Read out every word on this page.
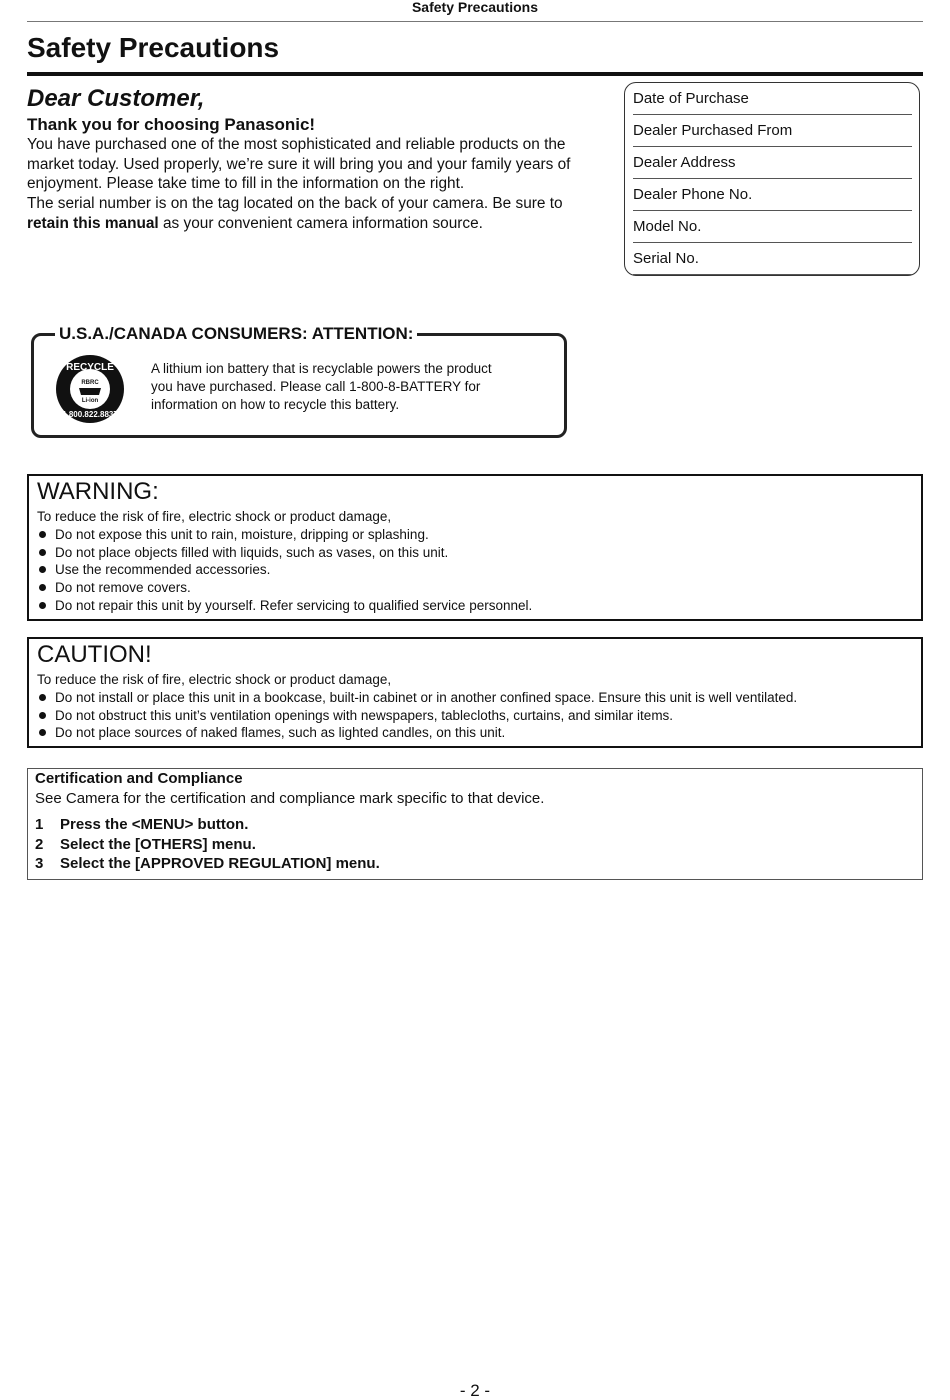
Safety Precautions
Safety Precautions
Dear Customer,
Thank you for choosing Panasonic!

You have purchased one of the most sophisticated and reliable products on the market today. Used properly, we’re sure it will bring you and your family years of enjoyment. Please take time to fill in the information on the right.
The serial number is on the tag located on the back of your camera. Be sure to retain this manual as your convenient camera information source.

Date of Purchase
Dealer Purchased From
Dealer Address
Dealer Phone No.
Model No.
Serial No.
U.S.A./CANADA CONSUMERS: ATTENTION:
RECYCLE
RBRC
Li-ion
1.800.822.8837

A lithium ion battery that is recyclable powers the product
you have purchased. Please call 1-800-8-BATTERY for
information on how to recycle this battery.

WARNING:
To reduce the risk of fire, electric shock or product damage,
Do not expose this unit to rain, moisture, dripping or splashing.
Do not place objects filled with liquids, such as vases, on this unit.
Use the recommended accessories.
Do not remove covers.
Do not repair this unit by yourself. Refer servicing to qualified service personnel.
CAUTION!
To reduce the risk of fire, electric shock or product damage,
Do not install or place this unit in a bookcase, built-in cabinet or in another confined space. Ensure this unit is well ventilated.
Do not obstruct this unit’s ventilation openings with newspapers, tablecloths, curtains, and similar items.
Do not place sources of naked flames, such as lighted candles, on this unit.
Certification and Compliance
See Camera for the certification and compliance mark specific to that device.
1	Press the <MENU> button.
2	Select the [OTHERS] menu.
3	Select the [APPROVED REGULATION] menu.
- 2 -
